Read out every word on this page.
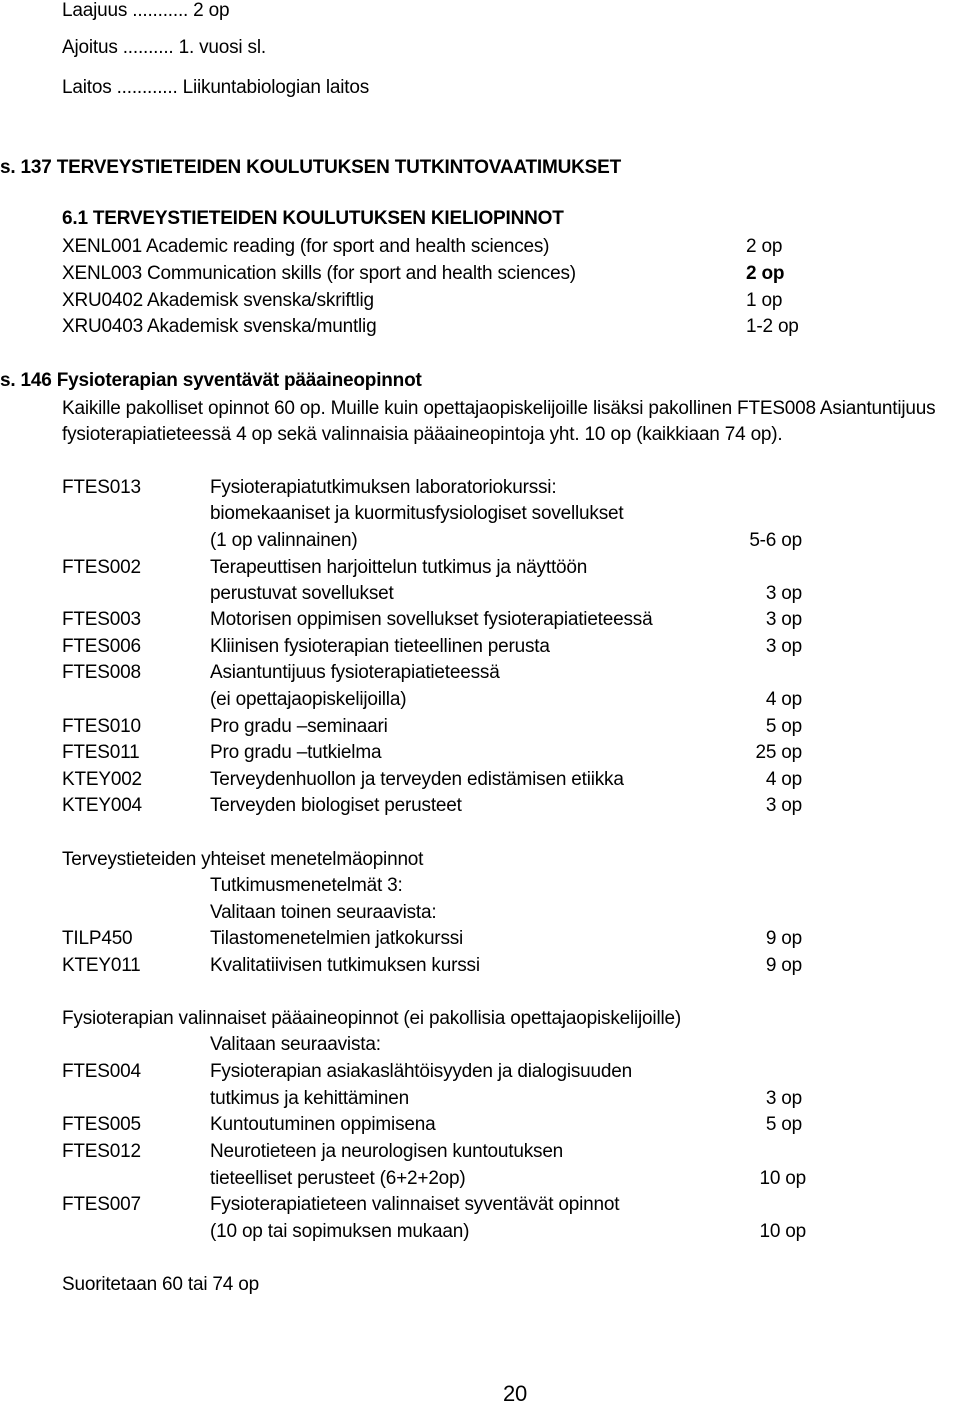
Laajuus ........... 2 op
Ajoitus .......... 1. vuosi sl.
Laitos ............ Liikuntabiologian laitos
s. 137 TERVEYSTIETEIDEN KOULUTUKSEN TUTKINTOVAATIMUKSET
6.1 TERVEYSTIETEIDEN KOULUTUKSEN KIELIOPINNOT
XENL001 Academic reading (for sport and health sciences)	2 op
XENL003 Communication skills (for sport and health sciences)	2 op
XRU0402 Akademisk svenska/skriftlig	1 op
XRU0403 Akademisk svenska/muntlig	1-2 op
s. 146 Fysioterapian syventävät pääaineopinnot
Kaikille pakolliset opinnot 60 op. Muille kuin opettajaopiskelijoille lisäksi pakollinen FTES008 Asiantuntijuus
fysioterapiatieteessä 4 op sekä valinnaisia pääaineopintoja yht. 10 op (kaikkiaan 74 op).
FTES013	Fysioterapiatutkimuksen laboratoriokurssi:
biomekaaniset ja kuormitusfysiologiset sovellukset
(1 op valinnainen)	5-6 op
FTES002	Terapeuttisen harjoittelun tutkimus ja näyttöön
perustuvat sovellukset	3 op
FTES003	Motorisen oppimisen sovellukset fysioterapiatieteessä	3 op
FTES006	Kliinisen fysioterapian tieteellinen perusta	3 op
FTES008	Asiantuntijuus fysioterapiatieteessä
(ei opettajaopiskelijoilla)	4 op
FTES010	Pro gradu –seminaari	5 op
FTES011	Pro gradu –tutkielma	25 op
KTEY002	Terveydenhuollon ja terveyden edistämisen etiikka	4 op
KTEY004	Terveyden biologiset perusteet	3 op
Terveystieteiden yhteiset menetelmäopinnot
Tutkimusmenetelmät 3:
Valitaan toinen seuraavista:
TILP450	Tilastomenetelmien jatkokurssi	9 op
KTEY011	Kvalitatiivisen tutkimuksen kurssi	9 op
Fysioterapian valinnaiset pääaineopinnot (ei pakollisia opettajaopiskelijoille)
Valitaan seuraavista:
FTES004	Fysioterapian asiakaslähtöisyyden ja dialogisuuden
tutkimus ja kehittäminen	3 op
FTES005	Kuntoutuminen oppimisena	5 op
FTES012	Neurotieteen ja neurologisen kuntoutuksen
tieteelliset perusteet (6+2+2op)	10 op
FTES007	Fysioterapiatieteen valinnaiset syventävät opinnot
(10 op tai sopimuksen mukaan)	10 op
Suoritetaan 60 tai 74 op
20
